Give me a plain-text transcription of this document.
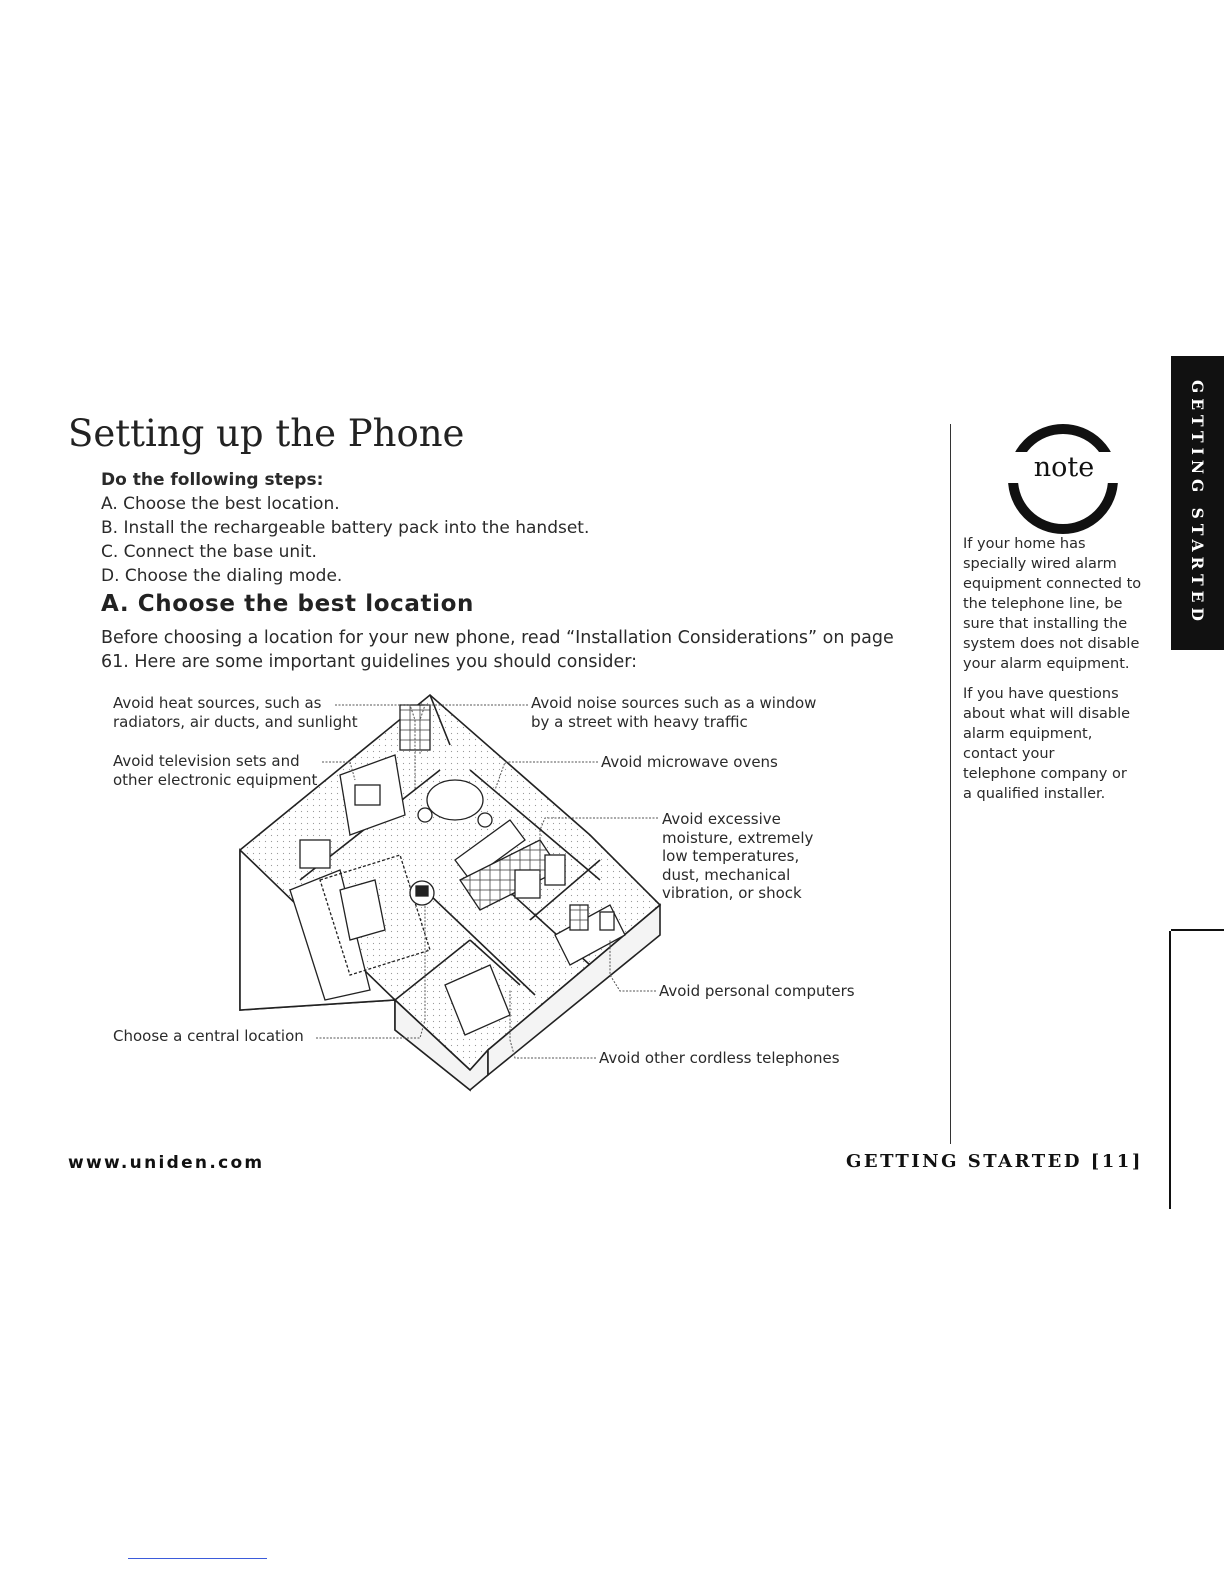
Setting up the Phone
Do the following steps:
A. Choose the best location.
B. Install the rechargeable battery pack into the handset.
C. Connect the base unit.
D. Choose the dialing mode.
A. Choose the best location
Before choosing a location for your new phone, read “Installation Considerations” on page 61. Here are some important guidelines you should consider:
Avoid heat sources, such as
radiators, air ducts, and sunlight
Avoid television sets and
other electronic equipment
Avoid noise sources such as a window
by a street with heavy traffic
Avoid microwave ovens
Avoid excessive
moisture, extremely
low temperatures,
dust, mechanical
vibration, or shock
Avoid personal computers
Choose a central location
Avoid other cordless telephones
note
If your home has
specially wired alarm
equipment connected to
the telephone line, be
sure that installing the
system does not disable
your alarm equipment.
If you have questions
about what will disable
alarm equipment,
contact your
telephone company or
a qualified installer.
GETTING STARTED
www.uniden.com	GETTING STARTED [11]
